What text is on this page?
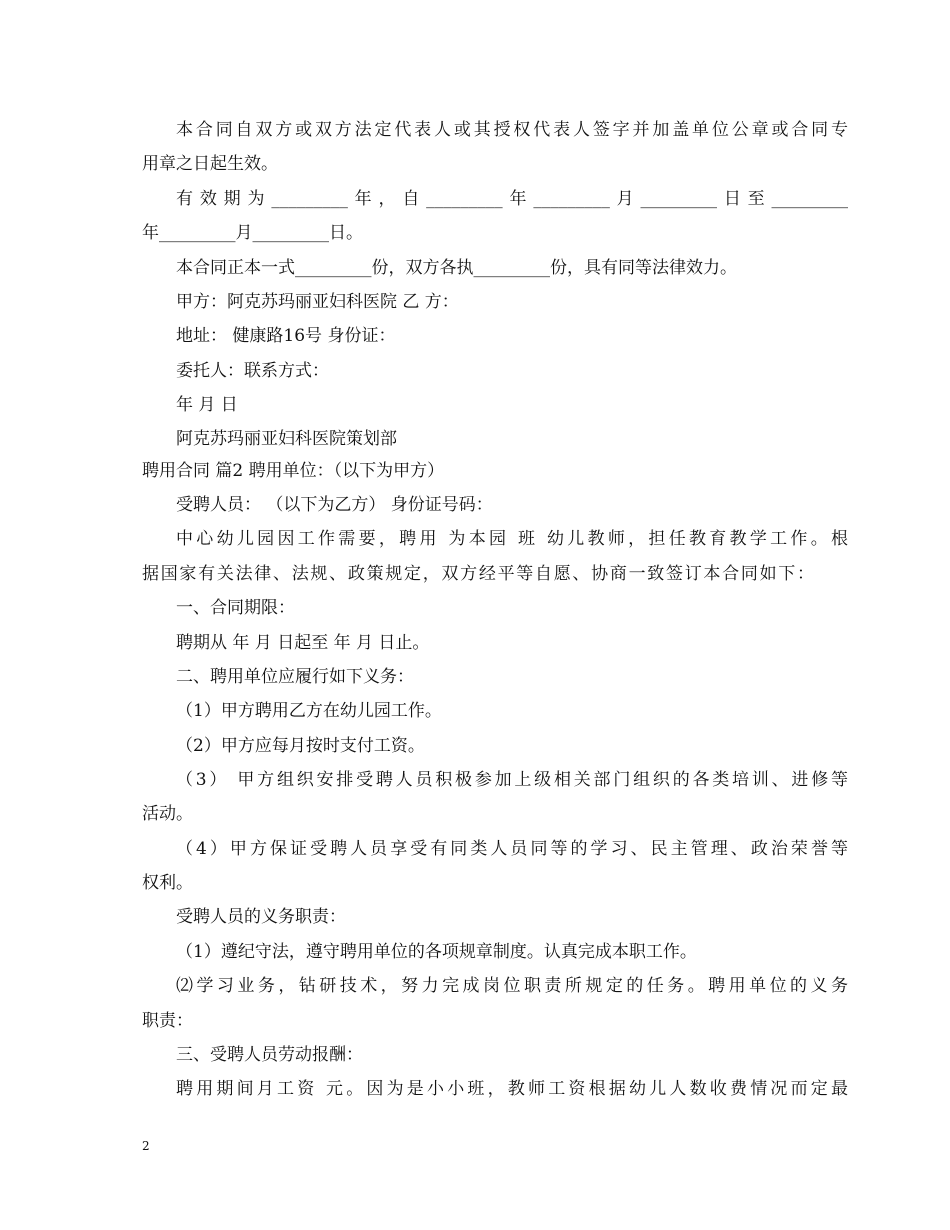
本合同自双方或双方法定代表人或其授权代表人签字并加盖单位公章或合同专
用章之日起生效。
有效期为_________年，自_________年_________月_________日至_________
年_________月_________日。
本合同正本一式_________份，双方各执_________份，具有同等法律效力。
甲方：阿克苏玛丽亚妇科医院 乙 方：
地址： 健康路16号 身份证：
委托人：联系方式：
年 月 日
阿克苏玛丽亚妇科医院策划部
聘用合同 篇2 聘用单位：（以下为甲方）
受聘人员： （以下为乙方） 身份证号码：
中心幼儿园因工作需要，聘用 为本园 班 幼儿教师，担任教育教学工作。根
据国家有关法律、法规、政策规定，双方经平等自愿、协商一致签订本合同如下：
一、合同期限：
聘期从 年 月 日起至 年 月 日止。
二、聘用单位应履行如下义务：
（1）甲方聘用乙方在幼儿园工作。
（2）甲方应每月按时支付工资。
（3） 甲方组织安排受聘人员积极参加上级相关部门组织的各类培训、进修等
活动。
（4）甲方保证受聘人员享受有同类人员同等的学习、民主管理、政治荣誉等
权利。
受聘人员的义务职责：
（1）遵纪守法，遵守聘用单位的各项规章制度。认真完成本职工作。
⑵学习业务，钻研技术，努力完成岗位职责所规定的任务。聘用单位的义务
职责：
三、受聘人员劳动报酬：
聘用期间月工资 元。因为是小小班，教师工资根据幼儿人数收费情况而定最
2
